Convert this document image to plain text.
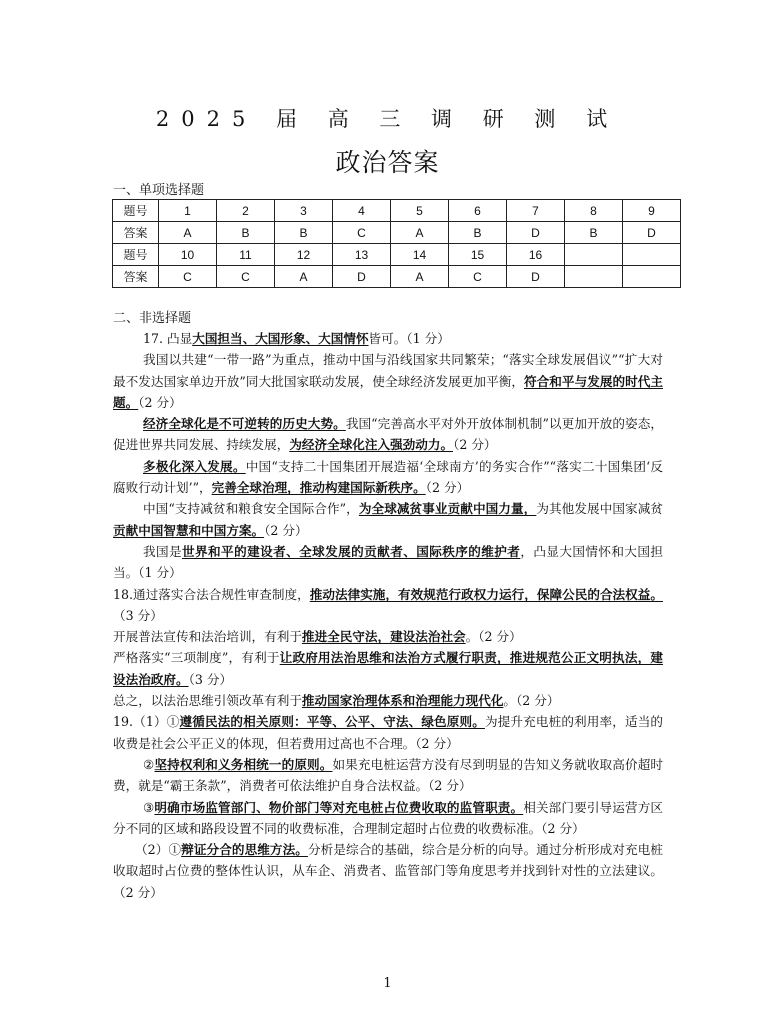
2025 届 高 三 调 研 测 试
政治答案
一、单项选择题
题号	1	2	3	4	5	6	7	8	9
答案	A	B	B	C	A	B	D	B	D
题号	10	11	12	13	14	15	16		
答案	C	C	A	D	A	C	D		
二、非选择题

17. 凸显大国担当、大国形象、大国情怀皆可。（1 分）

我国以共建“一带一路”为重点，推动中国与沿线国家共同繁荣；“落实全球发展倡议”“扩大对最不发达国家单边开放”同大批国家联动发展，使全球经济发展更加平衡，符合和平与发展的时代主题。（2 分）

经济全球化是不可逆转的历史大势。我国“完善高水平对外开放体制机制”以更加开放的姿态，促进世界共同发展、持续发展，为经济全球化注入强劲动力。（2 分）

多极化深入发展。中国“支持二十国集团开展造福‘全球南方’的务实合作”“落实二十国集团‘反腐败行动计划’”，完善全球治理，推动构建国际新秩序。（2 分）

中国“支持减贫和粮食安全国际合作”，为全球减贫事业贡献中国力量，为其他发展中国家减贫贡献中国智慧和中国方案。（2 分）

我国是世界和平的建设者、全球发展的贡献者、国际秩序的维护者，凸显大国情怀和大国担当。（1 分）

18.通过落实合法合规性审查制度，推动法律实施，有效规范行政权力运行，保障公民的合法权益。（3 分）

开展普法宣传和法治培训，有利于推进全民守法，建设法治社会。（2 分）

严格落实“三项制度”，有利于让政府用法治思维和法治方式履行职责，推进规范公正文明执法，建设法治政府。（3 分）

总之，以法治思维引领改革有利于推动国家治理体系和治理能力现代化。（2 分）

19.（1）①遵循民法的相关原则：平等、公平、守法、绿色原则。为提升充电桩的利用率，适当的收费是社会公平正义的体现，但若费用过高也不合理。（2 分）

②坚持权利和义务相统一的原则。如果充电桩运营方没有尽到明显的告知义务就收取高价超时费，就是“霸王条款”，消费者可依法维护自身合法权益。（2 分）

③明确市场监管部门、物价部门等对充电桩占位费收取的监管职责。相关部门要引导运营方区分不同的区域和路段设置不同的收费标准，合理制定超时占位费的收费标准。（2 分）

（2）①辩证分合的思维方法。分析是综合的基础，综合是分析的向导。通过分析形成对充电桩收取超时占位费的整体性认识，从车企、消费者、监管部门等角度思考并找到针对性的立法建议。（2 分）

1
